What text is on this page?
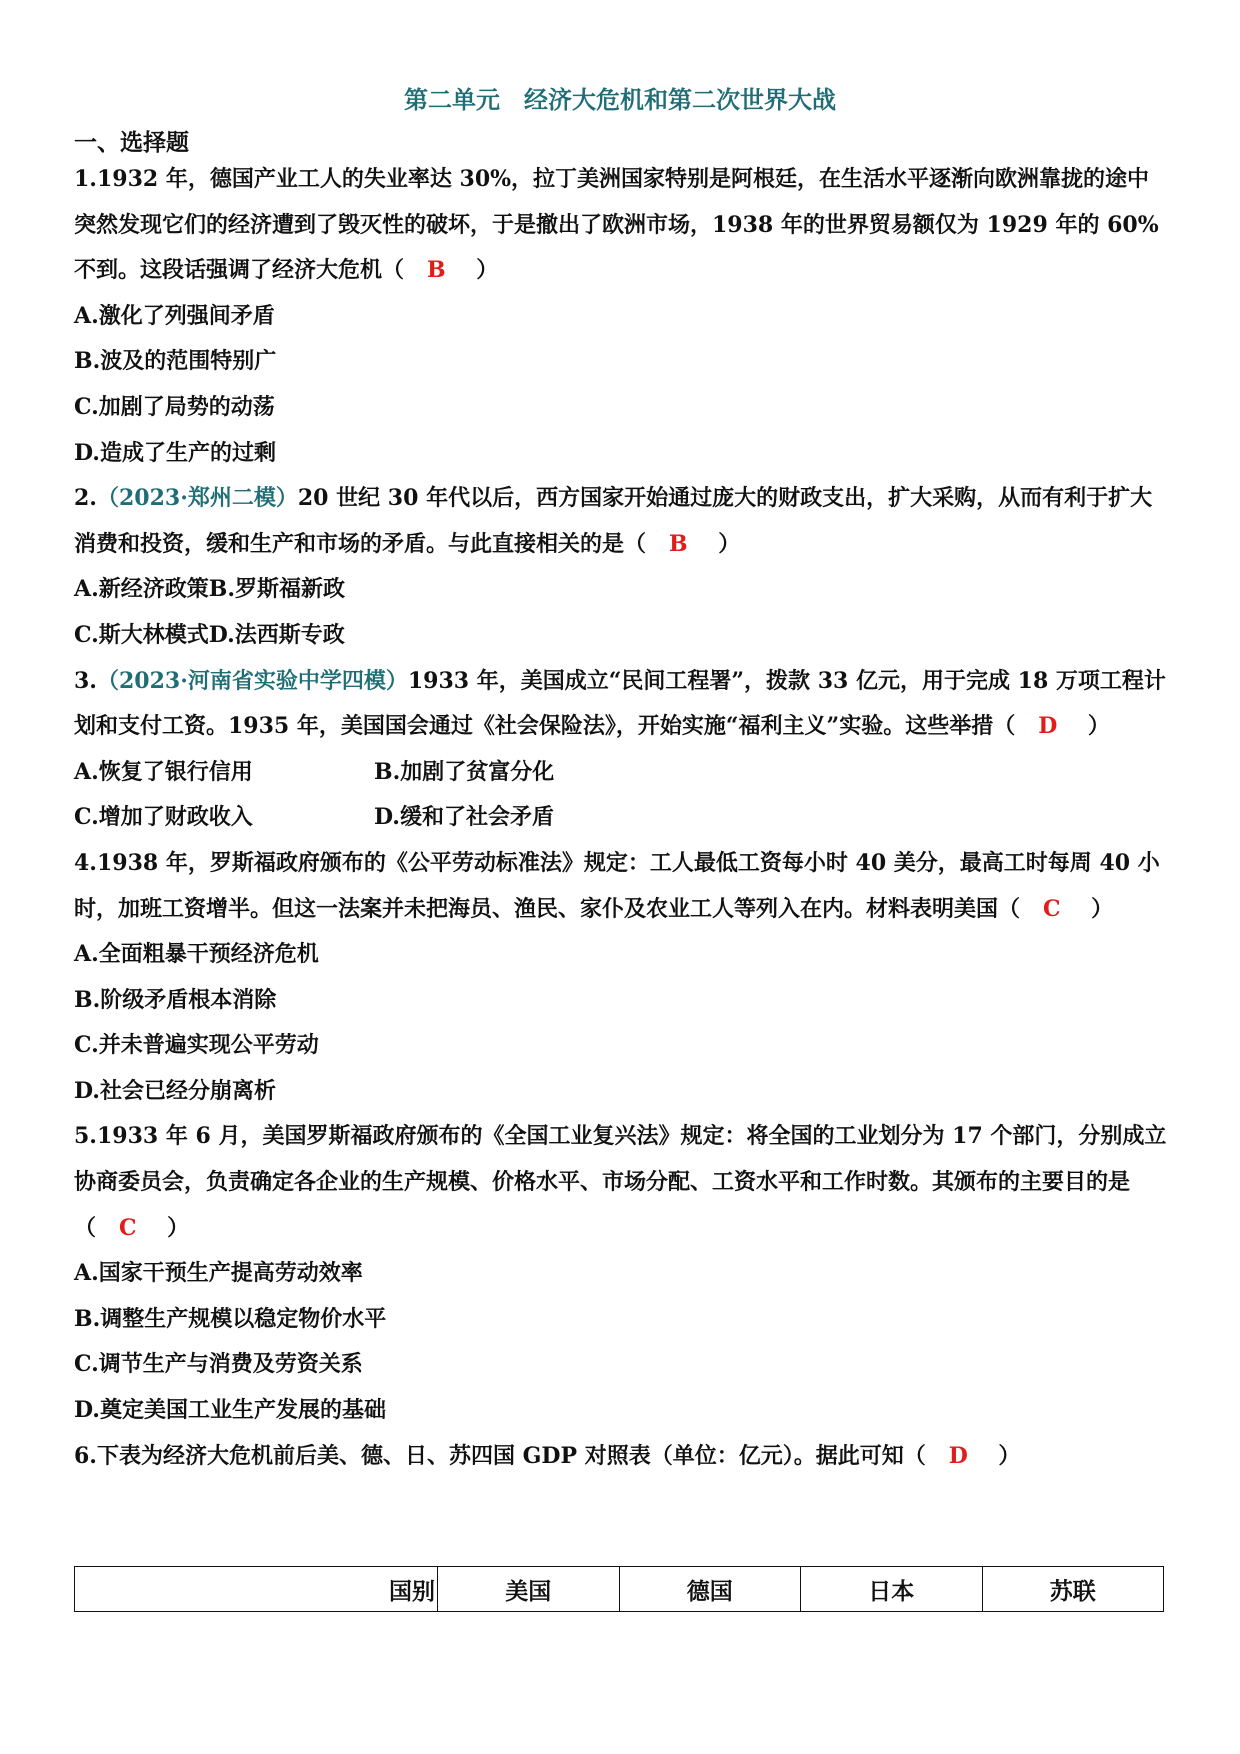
第二单元　经济大危机和第二次世界大战
一、选择题

1.1932 年，德国产业工人的失业率达 30%，拉丁美洲国家特别是阿根廷，在生活水平逐渐向欧洲靠拢的途中突然发现它们的经济遭到了毁灭性的破坏，于是撤出了欧洲市场，1938 年的世界贸易额仅为 1929 年的 60%不到。这段话强调了经济大危机（ B ）

A.激化了列强间矛盾

B.波及的范围特别广

C.加剧了局势的动荡

D.造成了生产的过剩

2.（2023·郑州二模）20 世纪 30 年代以后，西方国家开始通过庞大的财政支出，扩大采购，从而有利于扩大消费和投资，缓和生产和市场的矛盾。与此直接相关的是（ B ）

A.新经济政策B.罗斯福新政

C.斯大林模式D.法西斯专政

3.（2023·河南省实验中学四模）1933 年，美国成立“民间工程署”，拨款 33 亿元，用于完成 18 万项工程计划和支付工资。1935 年，美国国会通过《社会保险法》，开始实施“福利主义”实验。这些举措（ D ）

A.恢复了银行信用	B.加剧了贫富分化
C.增加了财政收入	D.缓和了社会矛盾

4.1938 年，罗斯福政府颁布的《公平劳动标准法》规定：工人最低工资每小时 40 美分，最高工时每周 40 小时，加班工资增半。但这一法案并未把海员、渔民、家仆及农业工人等列入在内。材料表明美国（ C ）

A.全面粗暴干预经济危机

B.阶级矛盾根本消除

C.并未普遍实现公平劳动

D.社会已经分崩离析

5.1933 年 6 月，美国罗斯福政府颁布的《全国工业复兴法》规定：将全国的工业划分为 17 个部门，分别成立协商委员会，负责确定各企业的生产规模、价格水平、市场分配、工资水平和工作时数。其颁布的主要目的是（ C ）

A.国家干预生产提高劳动效率

B.调整生产规模以稳定物价水平

C.调节生产与消费及劳资关系

D.奠定美国工业生产发展的基础

6.下表为经济大危机前后美、德、日、苏四国 GDP 对照表（单位：亿元）。据此可知（ D ）

国别	美国	德国	日本	苏联
